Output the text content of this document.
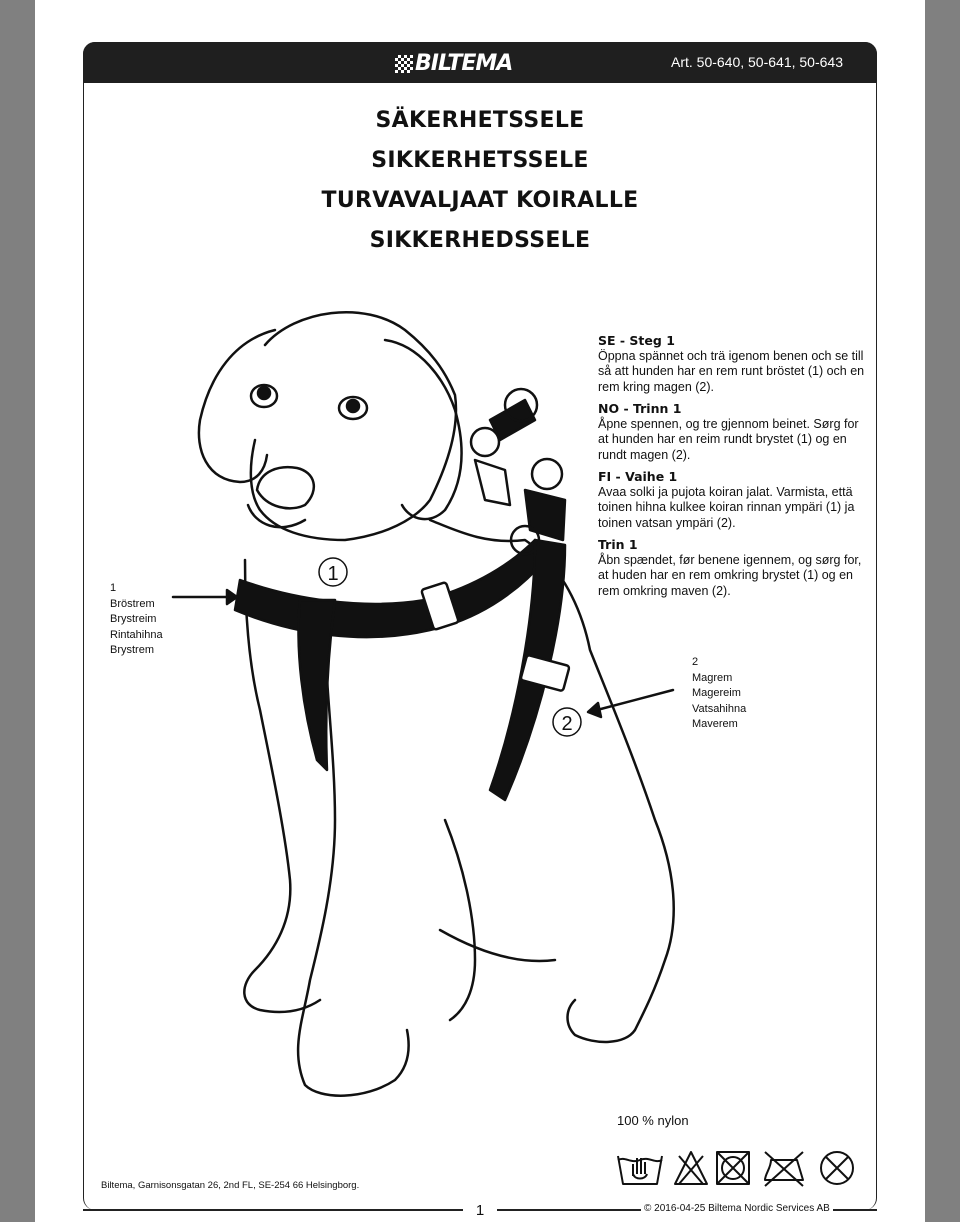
BILTEMA	Art. 50-640, 50-641, 50-643
SÄKERHETSSELE
SIKKERHETSSELE
TURVAVALJAAT KOIRALLE
SIKKERHEDSSELE
1
2
SE - Steg 1
Öppna spännet och trä igenom benen och se till så att hunden har en rem runt bröstet (1) och en rem kring magen (2).
NO - Trinn 1
Åpne spennen, og tre gjennom beinet. Sørg for at hunden har en reim rundt brystet (1) og en rundt magen (2).
FI - Vaihe 1
Avaa solki ja pujota koiran jalat. Varmista, että toinen hihna kulkee koiran rinnan ympäri (1) ja toinen vatsan ympäri (2).
Trin 1
Åbn spændet, før benene igennem, og sørg for, at huden har en rem omkring brystet (1) og en rem omkring maven (2).
1
Bröstrem
Brystreim
Rintahihna
Brystrem
2
Magrem
Magereim
Vatsahihna
Maverem
100 % nylon
Biltema, Garnisonsgatan 26, 2nd FL, SE-254 66 Helsingborg.
1	© 2016-04-25 Biltema Nordic Services AB
